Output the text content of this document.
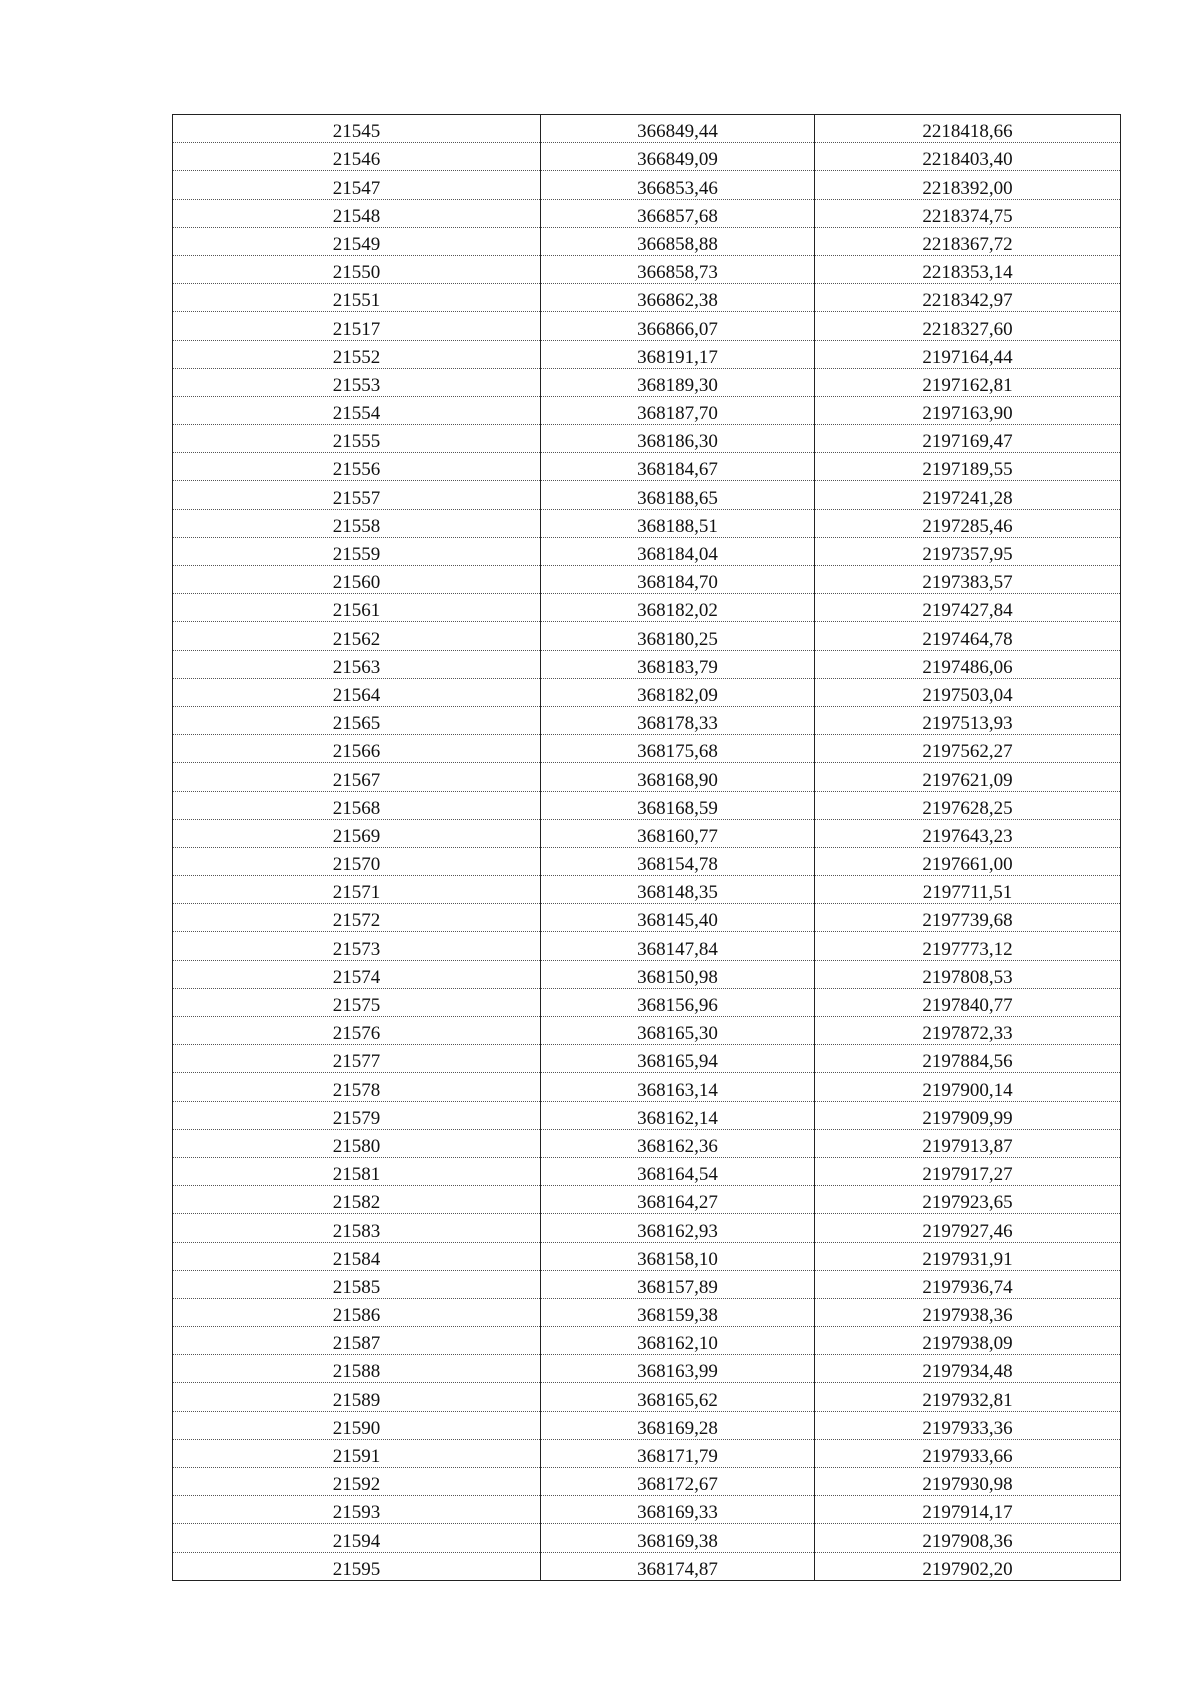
21545	366849,44	2218418,66
21546	366849,09	2218403,40
21547	366853,46	2218392,00
21548	366857,68	2218374,75
21549	366858,88	2218367,72
21550	366858,73	2218353,14
21551	366862,38	2218342,97
21517	366866,07	2218327,60
21552	368191,17	2197164,44
21553	368189,30	2197162,81
21554	368187,70	2197163,90
21555	368186,30	2197169,47
21556	368184,67	2197189,55
21557	368188,65	2197241,28
21558	368188,51	2197285,46
21559	368184,04	2197357,95
21560	368184,70	2197383,57
21561	368182,02	2197427,84
21562	368180,25	2197464,78
21563	368183,79	2197486,06
21564	368182,09	2197503,04
21565	368178,33	2197513,93
21566	368175,68	2197562,27
21567	368168,90	2197621,09
21568	368168,59	2197628,25
21569	368160,77	2197643,23
21570	368154,78	2197661,00
21571	368148,35	2197711,51
21572	368145,40	2197739,68
21573	368147,84	2197773,12
21574	368150,98	2197808,53
21575	368156,96	2197840,77
21576	368165,30	2197872,33
21577	368165,94	2197884,56
21578	368163,14	2197900,14
21579	368162,14	2197909,99
21580	368162,36	2197913,87
21581	368164,54	2197917,27
21582	368164,27	2197923,65
21583	368162,93	2197927,46
21584	368158,10	2197931,91
21585	368157,89	2197936,74
21586	368159,38	2197938,36
21587	368162,10	2197938,09
21588	368163,99	2197934,48
21589	368165,62	2197932,81
21590	368169,28	2197933,36
21591	368171,79	2197933,66
21592	368172,67	2197930,98
21593	368169,33	2197914,17
21594	368169,38	2197908,36
21595	368174,87	2197902,20
